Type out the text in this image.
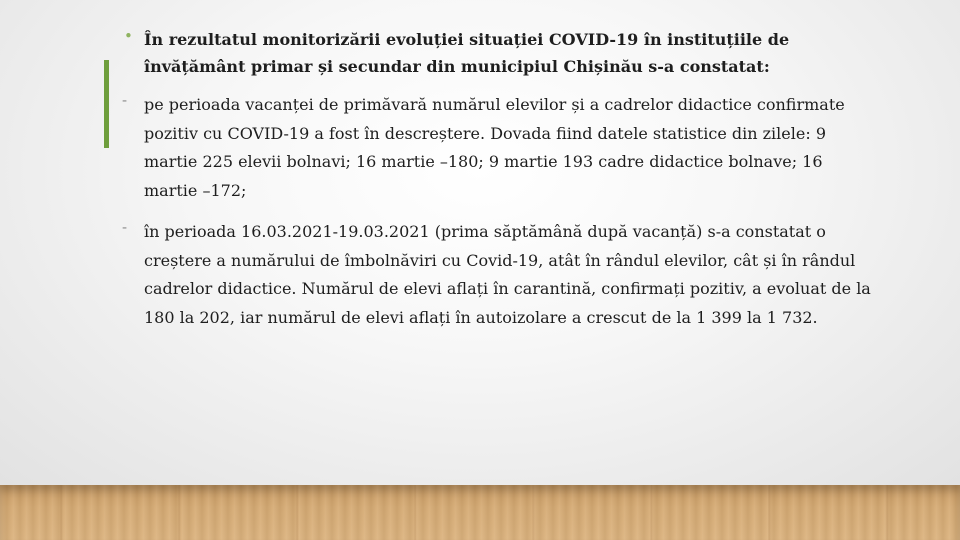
• În rezultatul monitorizării evoluției situației COVID-19 în instituțiile de învățământ primar și secundar din municipiul Chișinău s-a constatat:
- pe perioada vacanței de primăvară numărul elevilor și a cadrelor didactice confirmate pozitiv cu COVID-19 a fost în descreștere. Dovada fiind datele statistice din zilele: 9 martie 225 elevii bolnavi; 16 martie –180; 9 martie 193 cadre didactice bolnave; 16 martie –172;
- în perioada 16.03.2021-19.03.2021 (prima săptămână după vacanță) s-a constatat o creștere a numărului de îmbolnăviri cu Covid-19, atât în rândul elevilor, cât și în rândul cadrelor didactice. Numărul de elevi aflați în carantină, confirmați pozitiv, a evoluat de la 180 la 202, iar numărul de elevi aflați în autoizolare a crescut de la 1 399 la 1 732.
